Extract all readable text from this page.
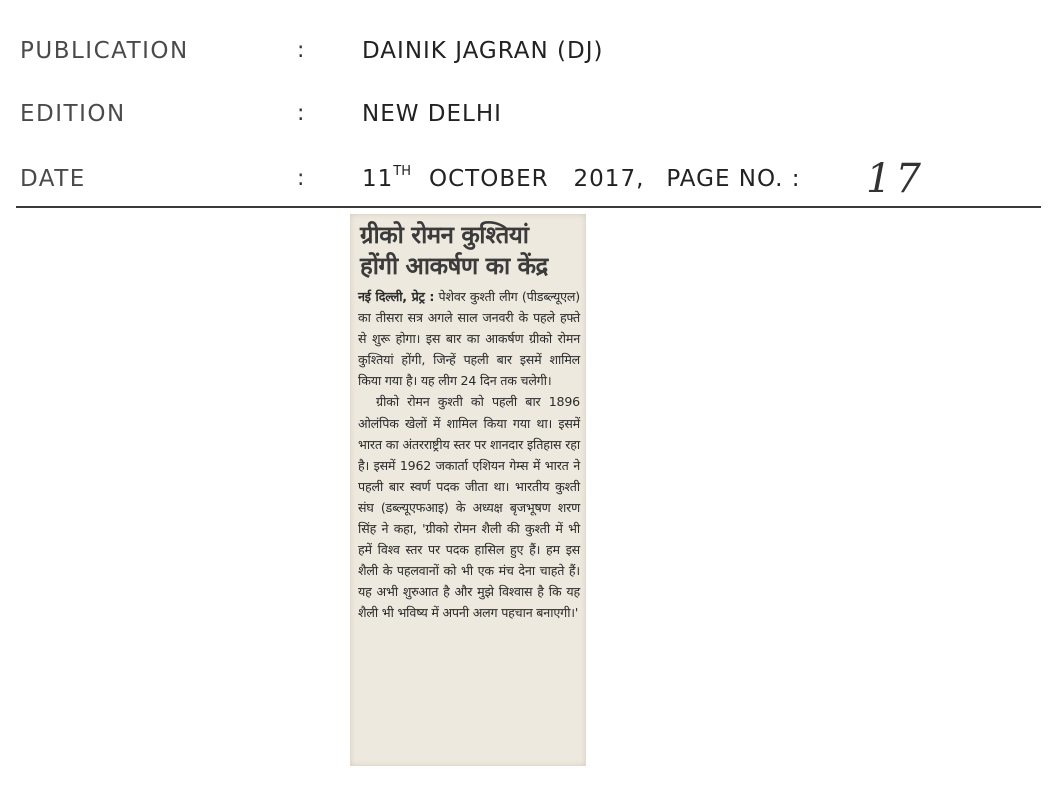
PUBLICATION	:	DAINIK JAGRAN (DJ)
EDITION	:	NEW DELHI
DATE	:	11TH OCTOBER   2017, PAGE NO. : 17
ग्रीको रोमन कुश्तियां
होंगी आकर्षण का केंद्र

नई दिल्ली, प्रेट्र : पेशेवर कुश्ती लीग (पीडब्ल्यूएल) का तीसरा सत्र अगले साल जनवरी के पहले हफ्ते से शुरू होगा। इस बार का आकर्षण ग्रीको रोमन कुश्तियां होंगी, जिन्हें पहली बार इसमें शामिल किया गया है। यह लीग 24 दिन तक चलेगी।

ग्रीको रोमन कुश्ती को पहली बार 1896 ओलंपिक खेलों में शामिल किया गया था। इसमें भारत का अंतरराष्ट्रीय स्तर पर शानदार इतिहास रहा है। इसमें 1962 जकार्ता एशियन गेम्स में भारत ने पहली बार स्वर्ण पदक जीता था। भारतीय कुश्ती संघ (डब्ल्यूएफआइ) के अध्यक्ष बृजभूषण शरण सिंह ने कहा, 'ग्रीको रोमन शैली की कुश्ती में भी हमें विश्व स्तर पर पदक हासिल हुए हैं। हम इस शैली के पहलवानों को भी एक मंच देना चाहते हैं। यह अभी शुरुआत है और मुझे विश्वास है कि यह शैली भी भविष्य में अपनी अलग पहचान बनाएगी।'
